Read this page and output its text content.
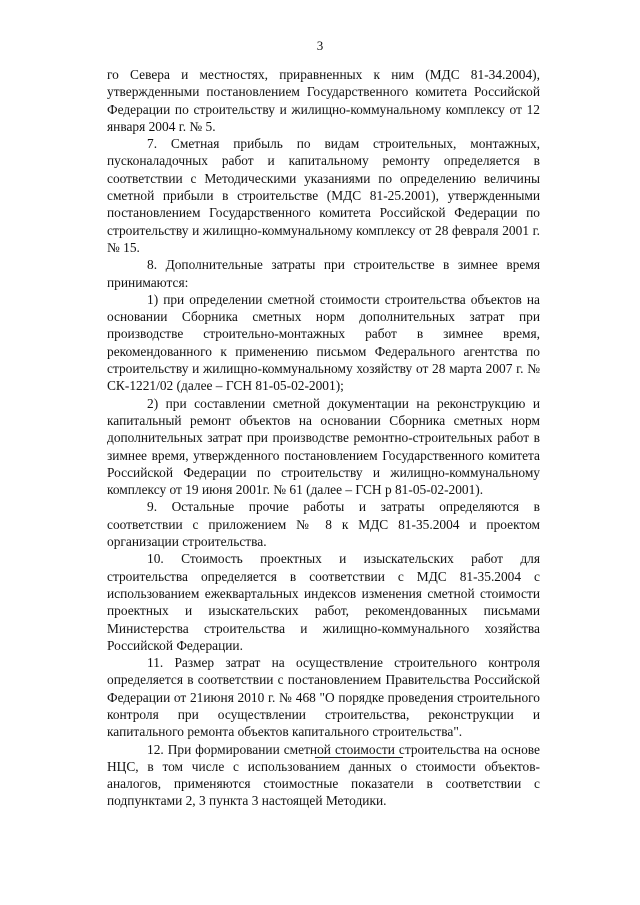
3

го Севера и местностях, приравненных к ним (МДС 81-34.2004), утвержденными постановлением Государственного комитета Российской Федерации по строительству и жилищно-коммунальному комплексу от 12 января 2004 г. № 5.

7. Сметная прибыль по видам строительных, монтажных, пусконаладочных работ и капитальному ремонту определяется в соответствии с Методическими указаниями по определению величины сметной прибыли в строительстве (МДС 81-25.2001), утвержденными постановлением Государственного комитета Российской Федерации по строительству и жилищно-коммунальному комплексу от 28 февраля 2001 г. № 15.

8. Дополнительные затраты при строительстве в зимнее время принимаются:

1) при определении сметной стоимости строительства объектов на основании Сборника сметных норм дополнительных затрат при производстве строительно-монтажных работ в зимнее время, рекомендованного к применению письмом Федерального агентства по строительству и жилищно-коммунальному хозяйству от 28 марта 2007 г. № СК-1221/02 (далее – ГСН 81-05-02-2001);

2) при составлении сметной документации на реконструкцию и капитальный ремонт объектов на основании Сборника сметных норм дополнительных затрат при производстве ремонтно-строительных работ в зимнее время, утвержденного постановлением Государственного комитета Российской Федерации по строительству и жилищно-коммунальному комплексу от 19 июня 2001г. № 61 (далее – ГСН р 81-05-02-2001).

9. Остальные прочие работы и затраты определяются в соответствии с приложением № 8 к МДС 81-35.2004 и проектом организации строительства.

10. Стоимость проектных и изыскательских работ для строительства определяется в соответствии с МДС 81-35.2004 с использованием ежеквартальных индексов изменения сметной стоимости проектных и изыскательских работ, рекомендованных письмами Министерства строительства и жилищно-коммунального хозяйства Российской Федерации.

11. Размер затрат на осуществление строительного контроля определяется в соответствии с постановлением Правительства Российской Федерации от 21июня 2010 г. № 468 "О порядке проведения строительного контроля при осуществлении строительства, реконструкции и капитального ремонта объектов капитального строительства".

12. При формировании сметной стоимости строительства на основе НЦС, в том числе с использованием данных о стоимости объектов-аналогов, применяются стоимостные показатели в соответствии с подпунктами 2, 3 пункта 3 настоящей Методики.
